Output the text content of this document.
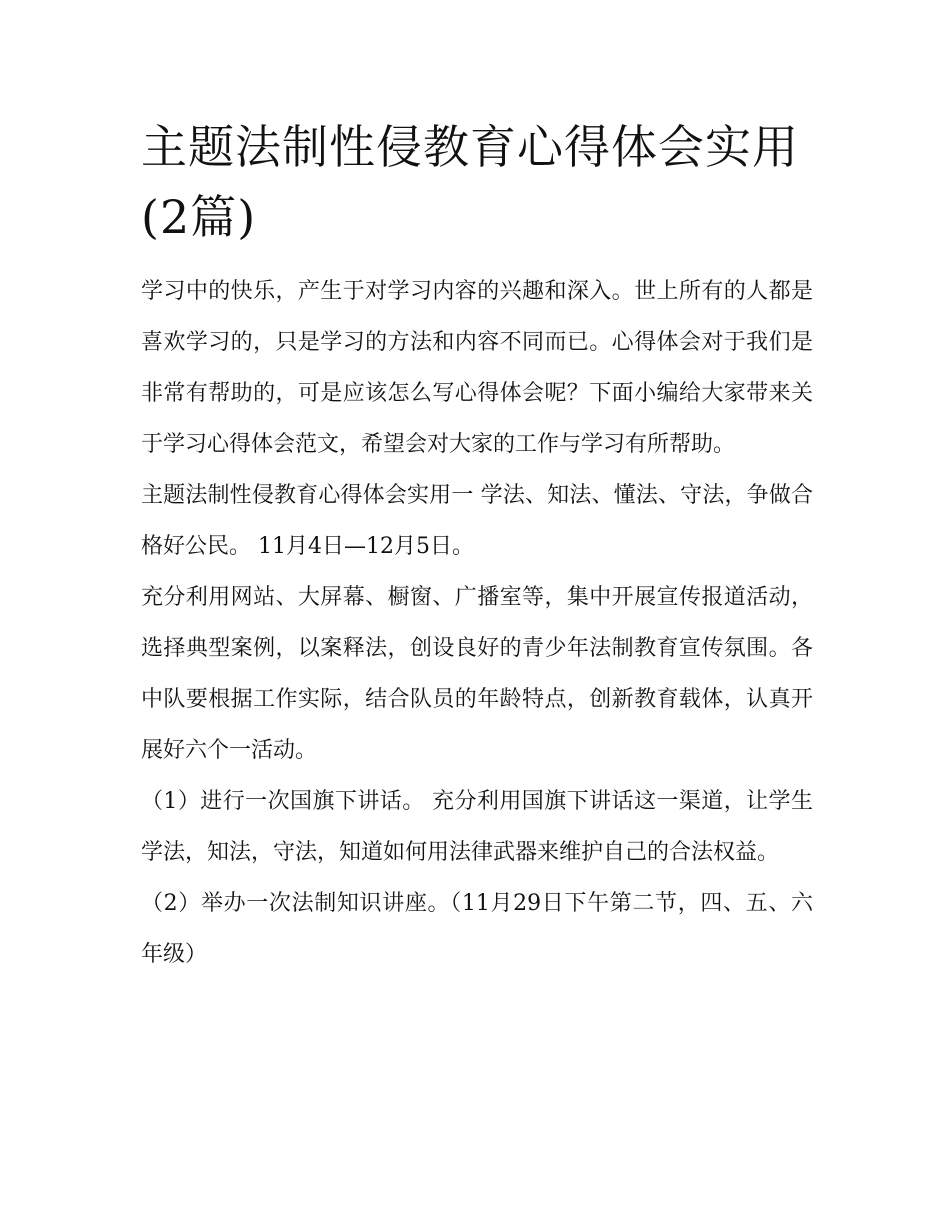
主题法制性侵教育心得体会实用(2篇)

学习中的快乐，产生于对学习内容的兴趣和深入。世上所有的人都是喜欢学习的，只是学习的方法和内容不同而已。心得体会对于我们是非常有帮助的，可是应该怎么写心得体会呢？下面小编给大家带来关于学习心得体会范文，希望会对大家的工作与学习有所帮助。

主题法制性侵教育心得体会实用一 学法、知法、懂法、守法，争做合格好公民。 11月4日—12月5日。

充分利用网站、大屏幕、橱窗、广播室等，集中开展宣传报道活动，选择典型案例，以案释法，创设良好的青少年法制教育宣传氛围。各中队要根据工作实际，结合队员的年龄特点，创新教育载体，认真开展好六个一活动。

（1）进行一次国旗下讲话。 充分利用国旗下讲话这一渠道，让学生学法，知法，守法，知道如何用法律武器来维护自己的合法权益。

（2）举办一次法制知识讲座。（11月29日下午第二节，四、五、六年级）
